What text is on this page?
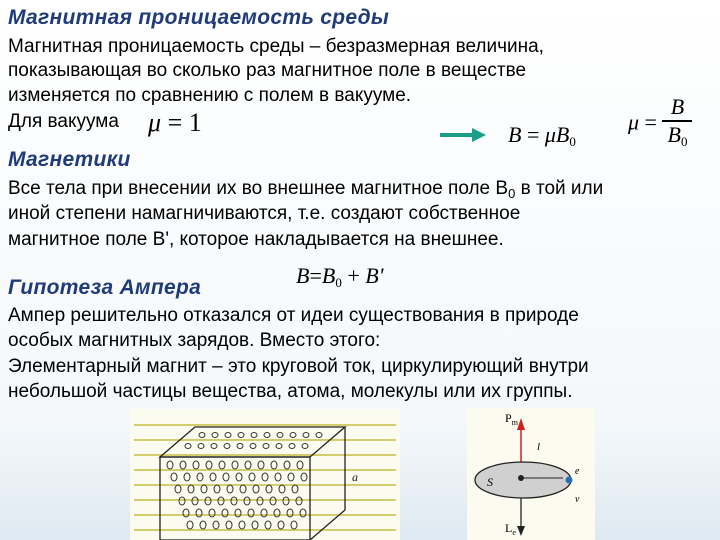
Магнитная проницаемость среды
Магнитная проницаемость среды – безразмерная величина,
показывающая во сколько раз магнитное поле в веществе
изменяется по сравнению с полем в вакууме.
Для вакуума μ = 1	$B = \mu B_0$
$\mu = \frac{B}{B_0}$
Магнетики
Все тела при внесении их во внешнее магнитное поле $В_0$ в той или
иной степени намагничиваются, т.е. создают собственное
магнитное поле В', которое накладывается на внешнее.
Гипотеза Ампера	$B=B_0 + B'$
Ампер решительно отказался от идеи существования в природе
особых магнитных зарядов. Вместо этого:
Элементарный магнит – это круговой ток, циркулирующий внутри
небольшой частицы вещества, атома, молекулы или их группы.
a
$P_m$
l
S
e
v
$L_e$
